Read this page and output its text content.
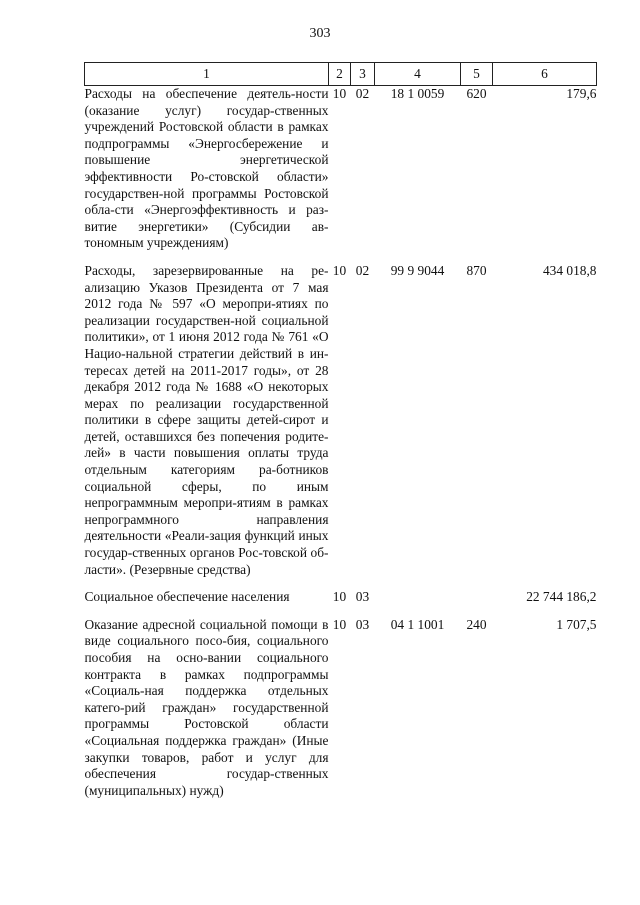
303
1	2	3	4	5	6
Расходы на обеспечение деятель-ности (оказание услуг) государ-ственных учреждений Ростовской области в рамках подпрограммы «Энергосбережение и повышение энергетической эффективности Ро-стовской области» государствен-ной программы Ростовской обла-сти «Энергоэффективность и раз-витие энергетики» (Субсидии ав-тономным учреждениям)	10	02	18 1 0059	620	179,6
Расходы, зарезервированные на ре-ализацию Указов Президента от 7 мая 2012 года № 597 «О меропри-ятиях по реализации государствен-ной социальной политики», от 1 июня 2012 года № 761 «О Нацио-нальной стратегии действий в ин-тересах детей на 2011-2017 годы», от 28 декабря 2012 года № 1688 «О некоторых мерах по реализации государственной политики в сфере защиты детей-сирот и детей, оставшихся без попечения родите-лей» в части повышения оплаты труда отдельным категориям ра-ботников социальной сферы, по иным непрограммным меропри-ятиям в рамках непрограммного направления деятельности «Реали-зация функций иных государ-ственных органов Рос-товской об-ласти». (Резервные средства)	10	02	99 9 9044	870	434 018,8
Социальное обеспечение населения	10	03			22 744 186,2
Оказание адресной социальной помощи в виде социального посо-бия, социального пособия на осно-вании социального контракта в рамках подпрограммы «Социаль-ная поддержка отдельных катего-рий граждан» государственной программы Ростовской области «Социальная поддержка граждан» (Иные закупки товаров, работ и услуг для обеспечения государ-ственных (муниципальных) нужд)	10	03	04 1 1001	240	1 707,5
